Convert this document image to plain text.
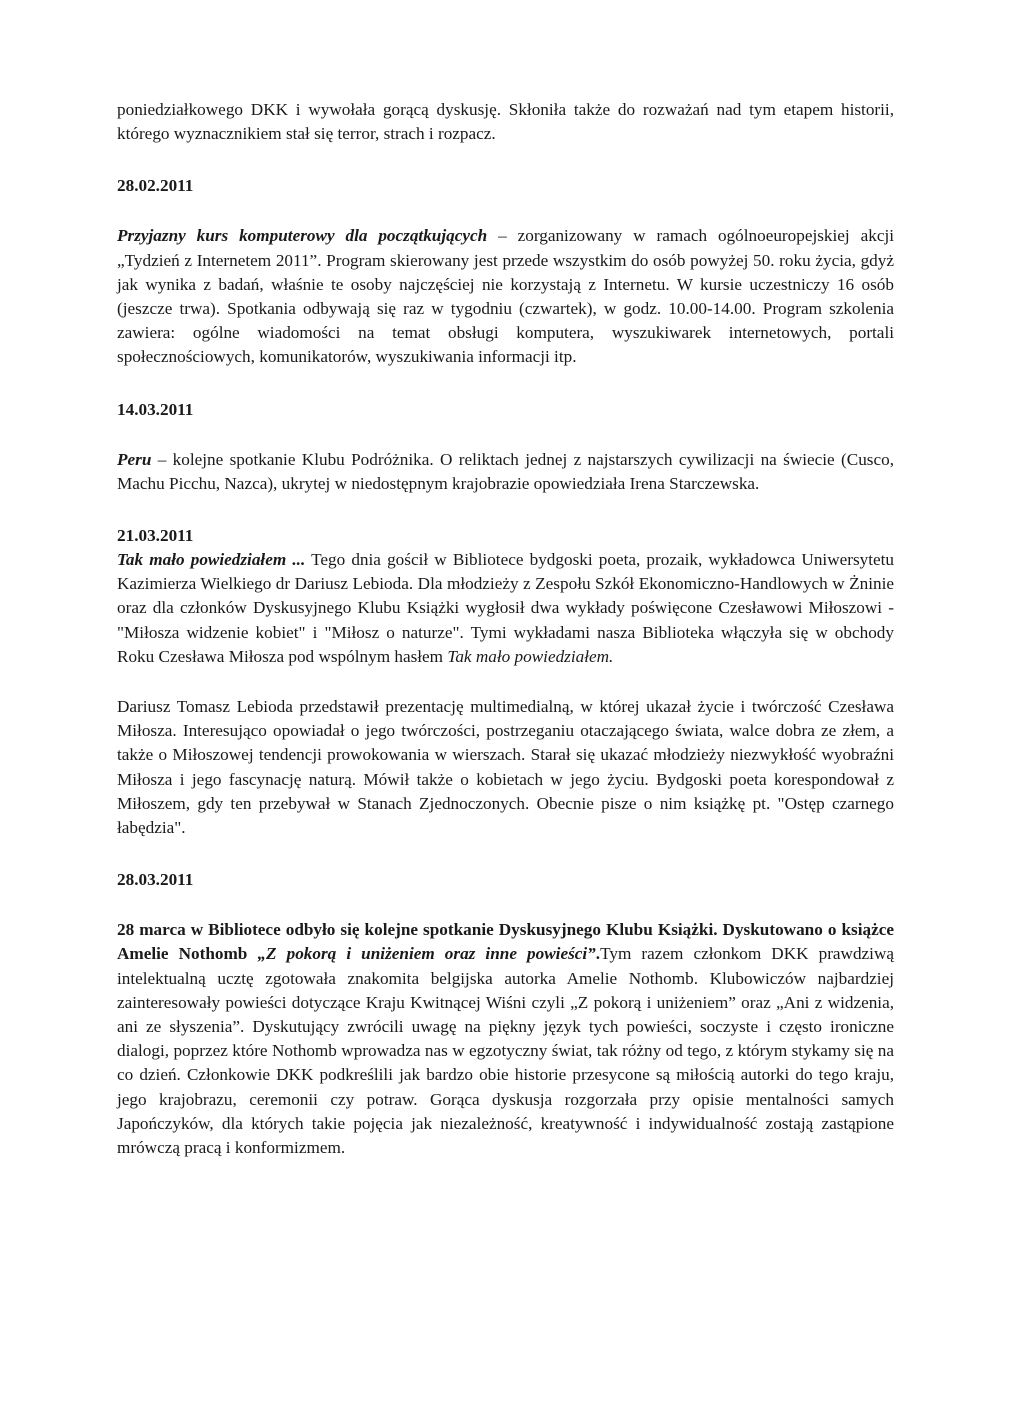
poniedziałkowego DKK i wywołała gorącą dyskusję. Skłoniła także do rozważań nad tym etapem historii, którego wyznacznikiem stał się terror, strach i rozpacz.

28.02.2011

Przyjazny kurs komputerowy dla początkujących – zorganizowany w ramach ogólnoeuropejskiej akcji „Tydzień z Internetem 2011”. Program skierowany jest przede wszystkim do osób powyżej 50. roku życia, gdyż jak wynika z badań, właśnie te osoby najczęściej nie korzystają z Internetu. W kursie uczestniczy 16 osób (jeszcze trwa). Spotkania odbywają się raz w tygodniu (czwartek), w godz. 10.00-14.00. Program szkolenia zawiera: ogólne wiadomości na temat obsługi komputera, wyszukiwarek internetowych, portali społecznościowych, komunikatorów, wyszukiwania informacji itp.

14.03.2011

Peru – kolejne spotkanie Klubu Podróżnika. O reliktach jednej z najstarszych cywilizacji na świecie (Cusco, Machu Picchu, Nazca), ukrytej w niedostępnym krajobrazie opowiedziała Irena Starczewska.

21.03.2011

Tak mało powiedziałem ... Tego dnia gościł w Bibliotece bydgoski poeta, prozaik, wykładowca Uniwersytetu Kazimierza Wielkiego dr Dariusz Lebioda. Dla młodzieży z Zespołu Szkół Ekonomiczno-Handlowych w Żninie oraz dla członków Dyskusyjnego Klubu Książki wygłosił dwa wykłady poświęcone Czesławowi Miłoszowi - "Miłosza widzenie kobiet" i "Miłosz o naturze". Tymi wykładami nasza Biblioteka włączyła się w obchody Roku Czesława Miłosza pod wspólnym hasłem Tak mało powiedziałem.

Dariusz Tomasz Lebioda przedstawił prezentację multimedialną, w której ukazał życie i twórczość Czesława Miłosza. Interesująco opowiadał o jego twórczości, postrzeganiu otaczającego świata, walce dobra ze złem, a także o Miłoszowej tendencji prowokowania w wierszach. Starał się ukazać młodzieży niezwykłość wyobraźni Miłosza i jego fascynację naturą. Mówił także o kobietach w jego życiu. Bydgoski poeta korespondował z Miłoszem, gdy ten przebywał w Stanach Zjednoczonych. Obecnie pisze o nim książkę pt. "Ostęp czarnego łabędzia".

28.03.2011

28 marca w Bibliotece odbyło się kolejne spotkanie Dyskusyjnego Klubu Książki. Dyskutowano o książce Amelie Nothomb „Z pokorą i uniżeniem oraz inne powieści”.Tym razem członkom DKK prawdziwą intelektualną ucztę zgotowała znakomita belgijska autorka Amelie Nothomb. Klubowiczów najbardziej zainteresowały powieści dotyczące Kraju Kwitnącej Wiśni czyli „Z pokorą i uniżeniem” oraz „Ani z widzenia, ani ze słyszenia”. Dyskutujący zwrócili uwagę na piękny język tych powieści, soczyste i często ironiczne dialogi, poprzez które Nothomb wprowadza nas w egzotyczny świat, tak różny od tego, z którym stykamy się na co dzień. Członkowie DKK podkreślili jak bardzo obie historie przesycone są miłością autorki do tego kraju, jego krajobrazu, ceremonii czy potraw. Gorąca dyskusja rozgorzała przy opisie mentalności samych Japończyków, dla których takie pojęcia jak niezależność, kreatywność i indywidualność zostają zastąpione mrówczą pracą i konformizmem.
